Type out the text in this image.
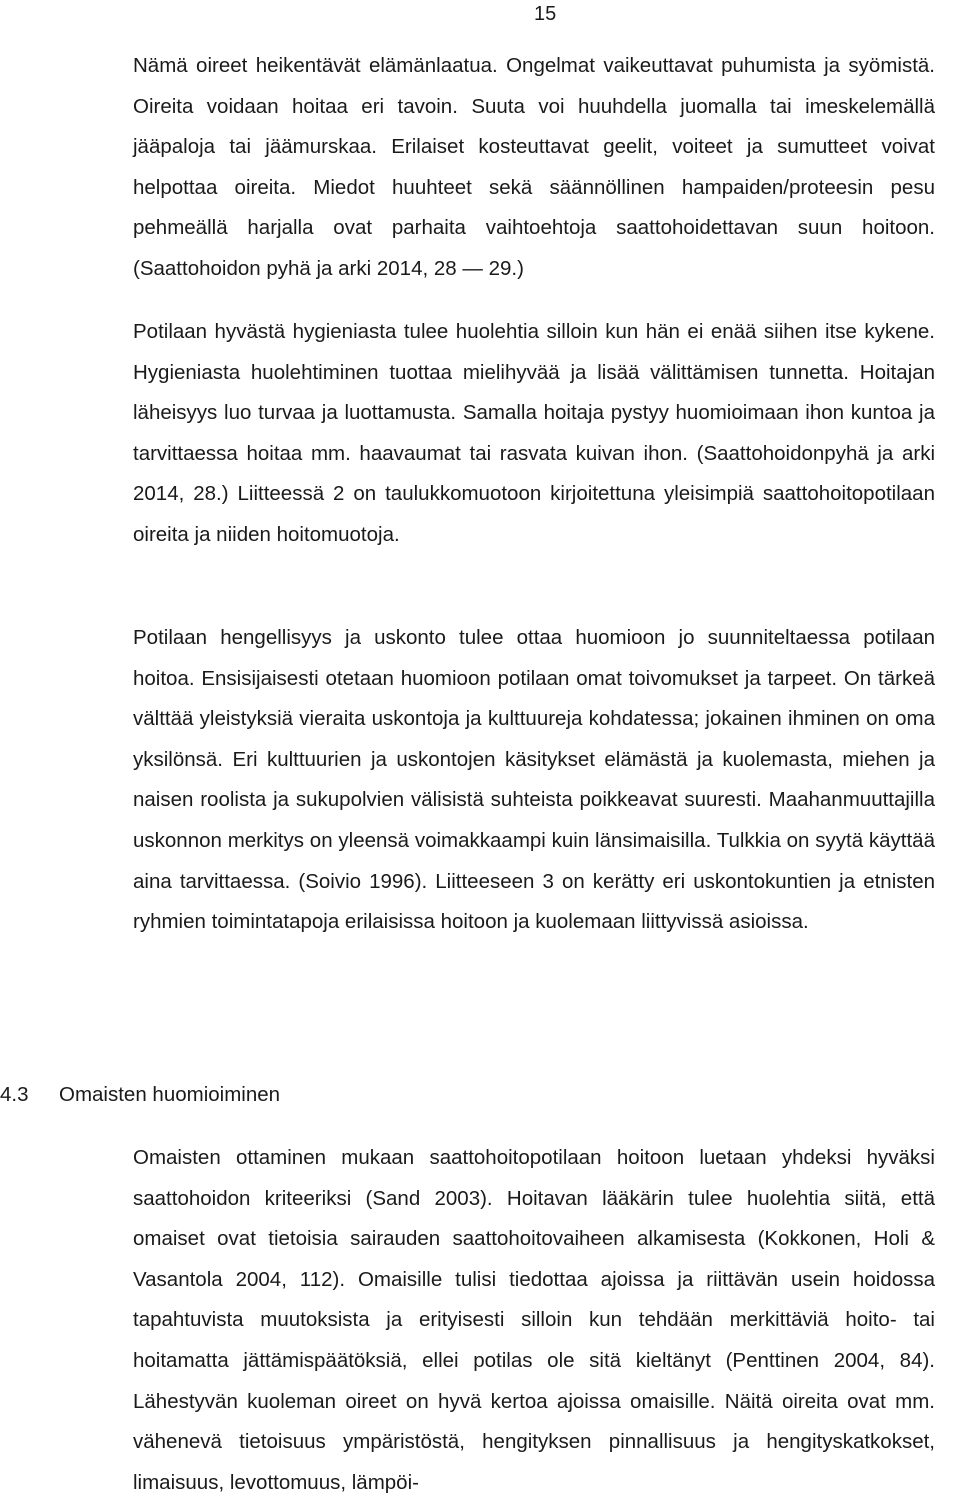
15

Nämä oireet heikentävät elämänlaatua. Ongelmat vaikeuttavat puhumista ja syömistä. Oireita voidaan hoitaa eri tavoin. Suuta voi huuhdella juomalla tai imeskelemällä jääpaloja tai jäämurskaa. Erilaiset kosteuttavat geelit, voiteet ja sumutteet voivat helpottaa oireita. Miedot huuhteet sekä säännöllinen hampaiden/proteesin pesu pehmeällä harjalla ovat parhaita vaihtoehtoja saattohoidettavan suun hoitoon. (Saattohoidon pyhä ja arki 2014, 28 — 29.)

Potilaan hyvästä hygieniasta tulee huolehtia silloin kun hän ei enää siihen itse kykene. Hygieniasta huolehtiminen tuottaa mielihyvää ja lisää välittämisen tunnetta. Hoitajan läheisyys luo turvaa ja luottamusta. Samalla hoitaja pystyy huomioimaan ihon kuntoa ja tarvittaessa hoitaa mm. haavaumat tai rasvata kuivan ihon. (Saattohoidonpyhä ja arki 2014, 28.) Liitteessä 2 on taulukkomuotoon kirjoitettuna yleisimpiä saattohoitopotilaan oireita ja niiden hoitomuotoja.

Potilaan hengellisyys ja uskonto tulee ottaa huomioon jo suunniteltaessa potilaan hoitoa. Ensisijaisesti otetaan huomioon potilaan omat toivomukset ja tarpeet. On tärkeä välttää yleistyksiä vieraita uskontoja ja kulttuureja kohdatessa; jokainen ihminen on oma yksilönsä. Eri kulttuurien ja uskontojen käsitykset elämästä ja kuolemasta, miehen ja naisen roolista ja sukupolvien välisistä suhteista poikkeavat suuresti. Maahanmuuttajilla uskonnon merkitys on yleensä voimakkaampi kuin länsimaisilla. Tulkkia on syytä käyttää aina tarvittaessa. (Soivio 1996). Liitteeseen 3 on kerätty eri uskontokuntien ja etnisten ryhmien toimintatapoja erilaisissa hoitoon ja kuolemaan liittyvissä asioissa.

4.3 Omaisten huomioiminen

Omaisten ottaminen mukaan saattohoitopotilaan hoitoon luetaan yhdeksi hyväksi saattohoidon kriteeriksi (Sand 2003). Hoitavan lääkärin tulee huolehtia siitä, että omaiset ovat tietoisia sairauden saattohoitovaiheen alkamisesta (Kokkonen, Holi & Vasantola 2004, 112). Omaisille tulisi tiedottaa ajoissa ja riittävän usein hoidossa tapahtuvista muutoksista ja erityisesti silloin kun tehdään merkittäviä hoito- tai hoitamatta jättämispäätöksiä, ellei potilas ole sitä kieltänyt (Penttinen 2004, 84). Lähestyvän kuoleman oireet on hyvä kertoa ajoissa omaisille. Näitä oireita ovat mm. vähenevä tietoisuus ympäristöstä, hengityksen pinnallisuus ja hengityskatkokset, limaisuus, levottomuus, lämpöi-
